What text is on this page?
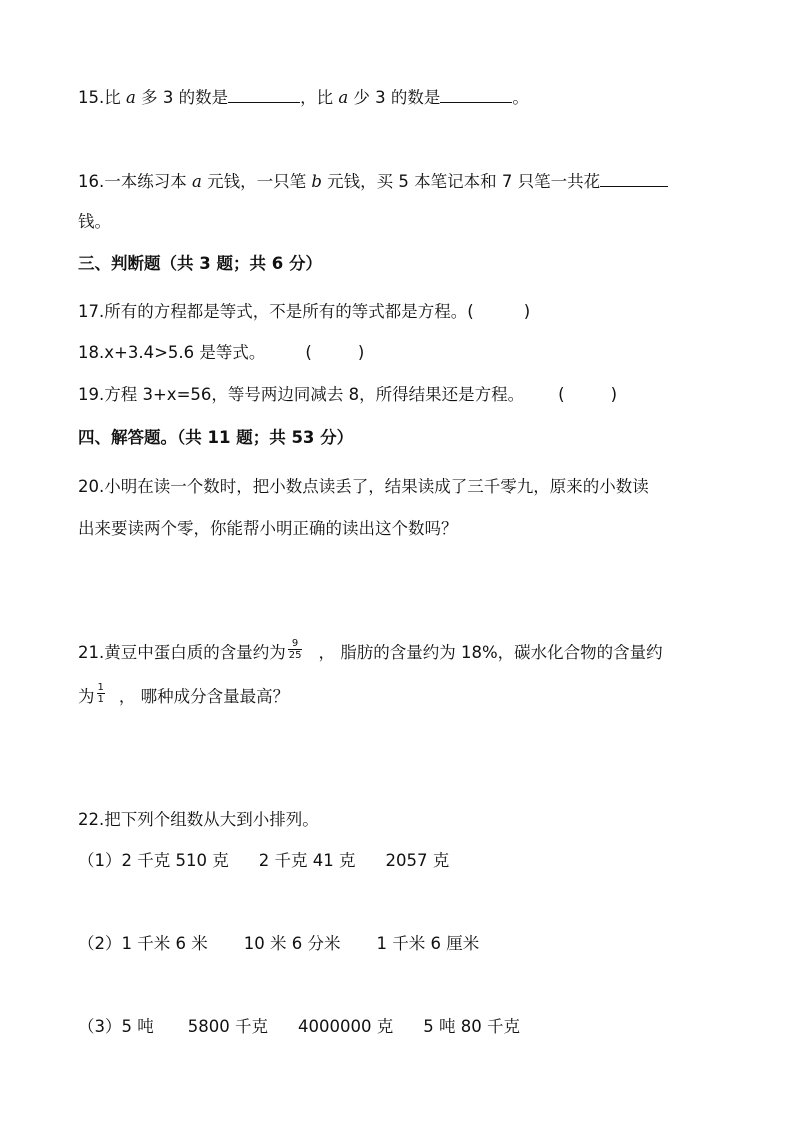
15.比 a 多 3 的数是	，比 a 少 3 的数是	。
16.一本练习本 a 元钱，一只笔 b 元钱，买 5 本笔记本和 7 只笔一共花
钱。
三、判断题（共 3 题；共 6 分）
17.所有的方程都是等式，不是所有的等式都是方程。(	)
18.x+3.4>5.6 是等式。 (	)
19.方程 3+x=56，等号两边同减去 8，所得结果还是方程。 (	)
四、解答题。（共 11 题；共 53 分）
20.小明在读一个数时，把小数点读丢了，结果读成了三千零九，原来的小数读
出来要读两个零，你能帮小明正确的读出这个数吗？
21.黄豆中蛋白质的含量约为 $\frac{9}{25}$ ， 脂肪的含量约为 18%，碳水化合物的含量约
为 $\frac{1}{1}$ ， 哪种成分含量最高？
22.把下列个组数从大到小排列。
（1）2 千克 510 克 2 千克 41 克 2057 克
（2）1 千米 6 米 10 米 6 分米 1 千米 6 厘米
（3）5 吨 5800 千克 4000000 克 5 吨 80 千克
